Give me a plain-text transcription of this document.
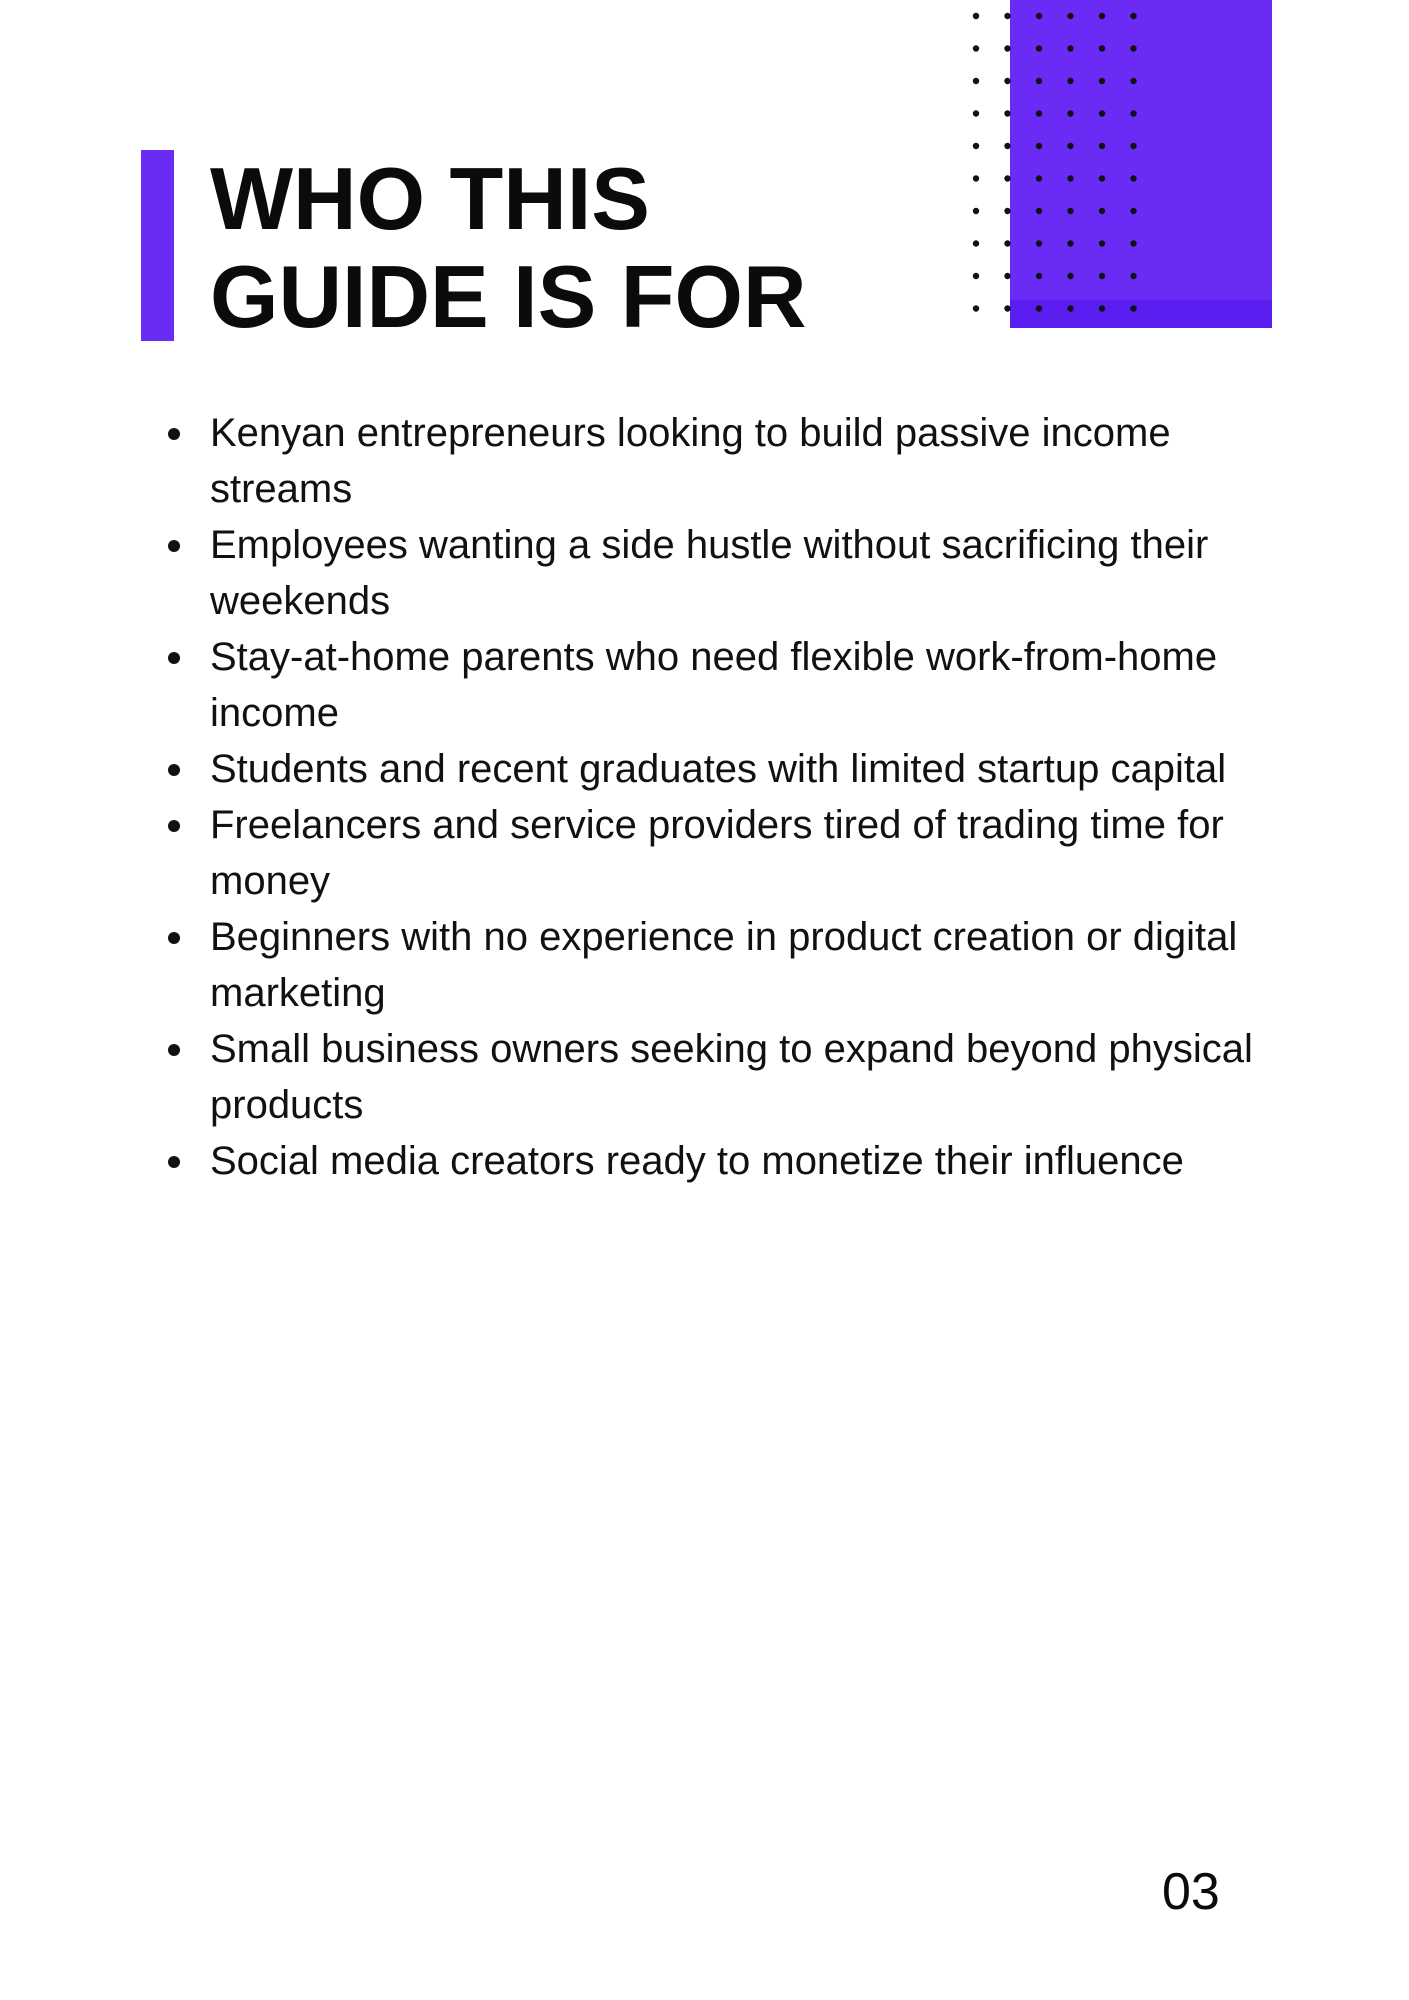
WHO THIS
GUIDE IS FOR
Kenyan entrepreneurs looking to build passive income streams
Employees wanting a side hustle without sacrificing their weekends
Stay-at-home parents who need flexible work-from-home income
Students and recent graduates with limited startup capital
Freelancers and service providers tired of trading time for money
Beginners with no experience in product creation or digital marketing
Small business owners seeking to expand beyond physical products
Social media creators ready to monetize their influence
03
